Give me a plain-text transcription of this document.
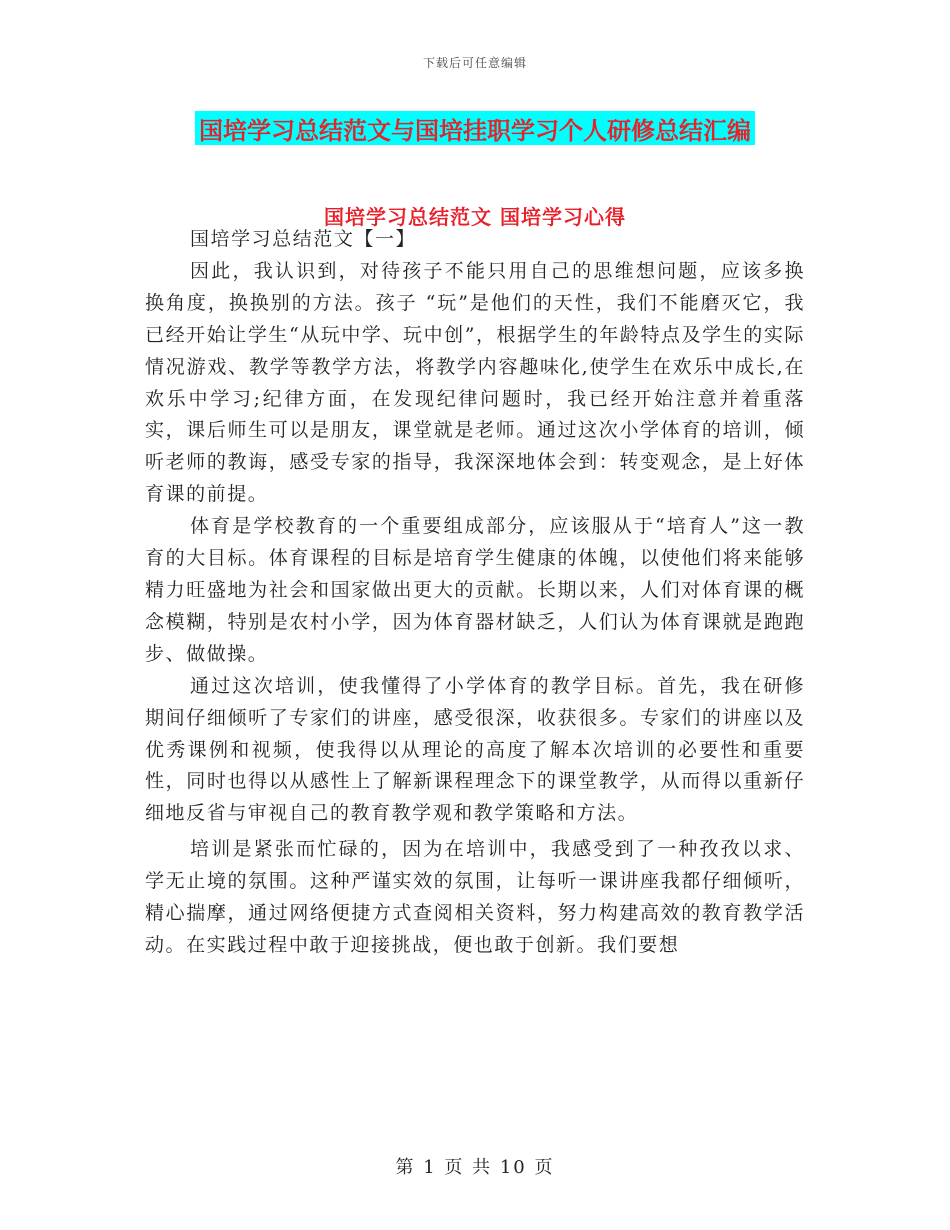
下载后可任意编辑
国培学习总结范文与国培挂职学习个人研修总结汇编
国培学习总结范文 国培学习心得

国培学习总结范文【一】

因此，我认识到，对待孩子不能只用自己的思维想问题，应该多换换角度，换换别的方法。孩子 “玩”是他们的天性，我们不能磨灭它，我已经开始让学生“从玩中学、玩中创”，根据学生的年龄特点及学生的实际情况游戏、教学等教学方法，将教学内容趣味化,使学生在欢乐中成长,在欢乐中学习;纪律方面，在发现纪律问题时，我已经开始注意并着重落实，课后师生可以是朋友，课堂就是老师。通过这次小学体育的培训，倾听老师的教诲，感受专家的指导，我深深地体会到：转变观念，是上好体育课的前提。

体育是学校教育的一个重要组成部分，应该服从于“培育人”这一教育的大目标。体育课程的目标是培育学生健康的体魄，以使他们将来能够精力旺盛地为社会和国家做出更大的贡献。长期以来，人们对体育课的概念模糊，特别是农村小学，因为体育器材缺乏，人们认为体育课就是跑跑步、做做操。

通过这次培训，使我懂得了小学体育的教学目标。首先，我在研修期间仔细倾听了专家们的讲座，感受很深，收获很多。专家们的讲座以及优秀课例和视频，使我得以从理论的高度了解本次培训的必要性和重要性，同时也得以从感性上了解新课程理念下的课堂教学，从而得以重新仔细地反省与审视自己的教育教学观和教学策略和方法。

培训是紧张而忙碌的，因为在培训中，我感受到了一种孜孜以求、学无止境的氛围。这种严谨实效的氛围，让每听一课讲座我都仔细倾听，精心揣摩，通过网络便捷方式查阅相关资料，努力构建高效的教育教学活动。在实践过程中敢于迎接挑战，便也敢于创新。我们要想

第 1 页 共 10 页
